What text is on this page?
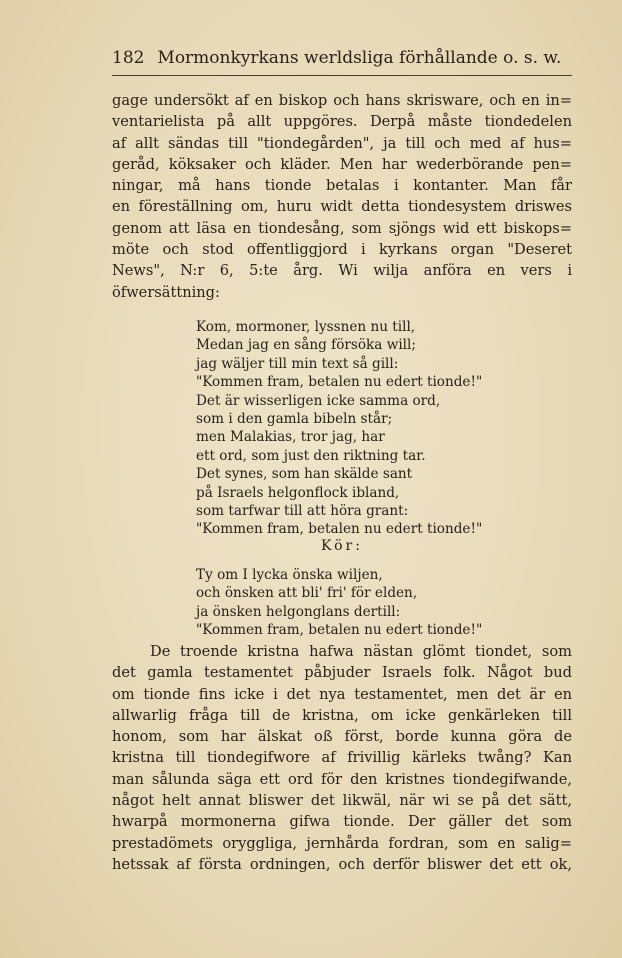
182 Mormonkyrkans werldsliga förhållande o. s. w.
gage undersökt af en biskop och hans skrisware, och en in=
ventarielista på allt uppgöres. Derpå måste tiondedelen
af allt sändas till "tiondegården", ja till och med af hus=
geråd, köksaker och kläder. Men har wederbörande pen=
ningar, må hans tionde betalas i kontanter. Man får
en föreställning om, huru widt detta tiondesystem driswes
genom att läsa en tiondesång, som sjöngs wid ett biskops=
möte och stod offentliggjord i kyrkans organ "Deseret
News", N:r 6, 5:te årg. Wi wilja anföra en vers i
öfwersättning:
Kom, mormoner, lyssnen nu till,
Medan jag en sång försöka will;
jag wäljer till min text så gill:
"Kommen fram, betalen nu edert tionde!"
Det är wisserligen icke samma ord,
som i den gamla bibeln står;
men Malakias, tror jag, har
ett ord, som just den riktning tar.
Det synes, som han skälde sant
på Israels helgonflock ibland,
som tarfwar till att höra grant:
"Kommen fram, betalen nu edert tionde!"
Kör:
Ty om I lycka önska wiljen,
och önsken att bli' fri' för elden,
ja önsken helgonglans dertill:
"Kommen fram, betalen nu edert tionde!"
De troende kristna hafwa nästan glömt tiondet, som
det gamla testamentet påbjuder Israels folk. Något bud
om tionde fins icke i det nya testamentet, men det är en
allwarlig fråga till de kristna, om icke genkärleken till
honom, som har älskat oß först, borde kunna göra de
kristna till tiondegifwore af frivillig kärleks twång? Kan
man sålunda säga ett ord för den kristnes tiondegifwande,
något helt annat bliswer det likwäl, när wi se på det sätt,
hwarpå mormonerna gifwa tionde. Der gäller det som
prestadömets oryggliga, jernhårda fordran, som en salig=
hetssak af första ordningen, och derför bliswer det ett ok,
